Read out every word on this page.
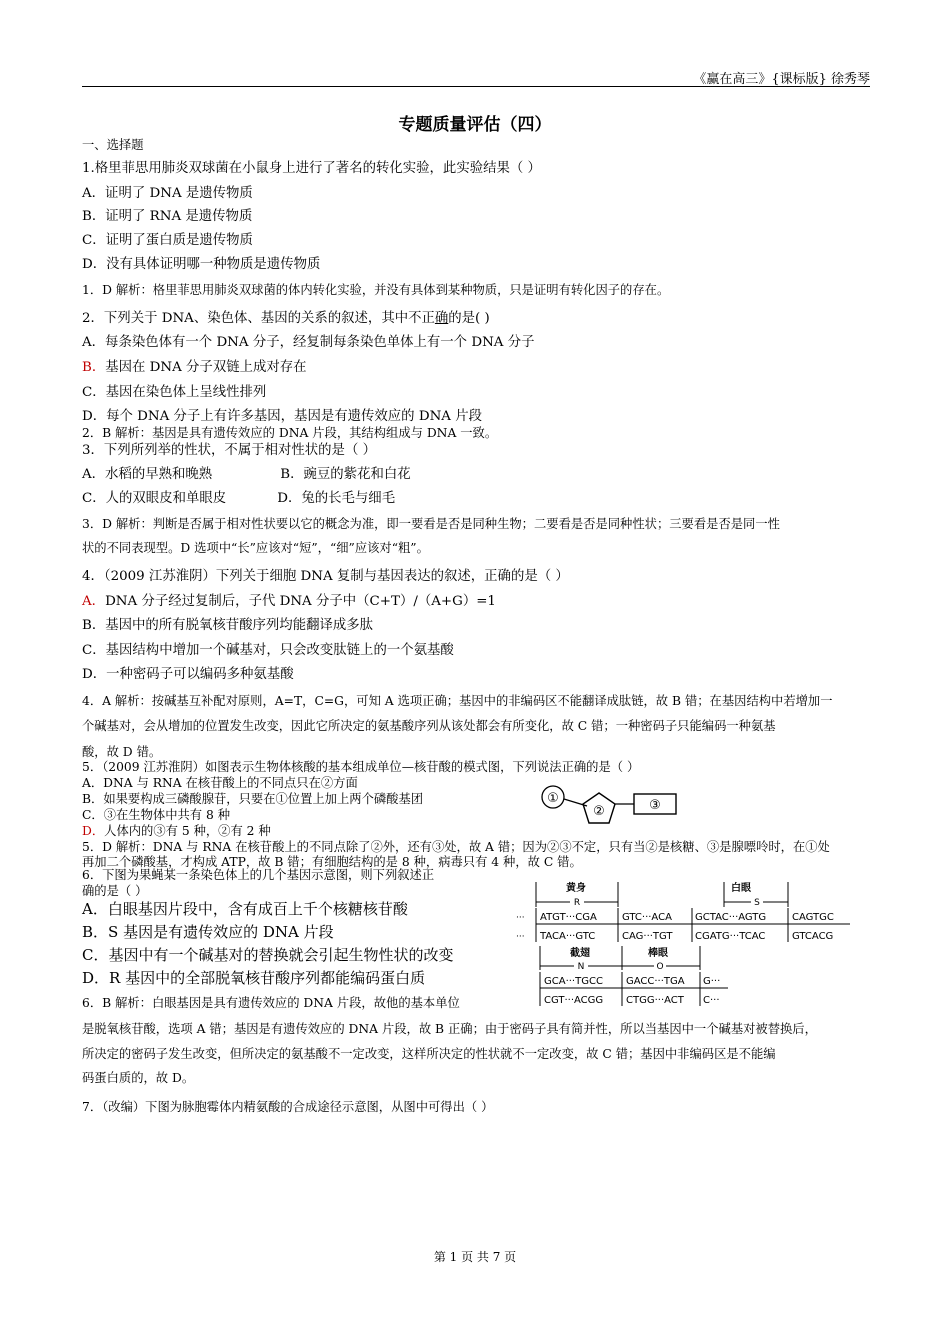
《赢在高三》{课标版} 徐秀琴
专题质量评估（四）
一、选择题
1.格里菲思用肺炎双球菌在小鼠身上进行了著名的转化实验，此实验结果（ ）
A．证明了 DNA 是遗传物质
B．证明了 RNA 是遗传物质
C．证明了蛋白质是遗传物质
D．没有具体证明哪一种物质是遗传物质
1．D 解析：格里菲思用肺炎双球菌的体内转化实验，并没有具体到某种物质，只是证明有转化因子的存在。
2．下列关于 DNA、染色体、基因的关系的叙述，其中不正确的是( )
A．每条染色体有一个 DNA 分子，经复制每条染色单体上有一个 DNA 分子
B．基因在 DNA 分子双链上成对存在
C．基因在染色体上呈线性排列
D．每个 DNA 分子上有许多基因，基因是有遗传效应的 DNA 片段
2．B 解析：基因是具有遗传效应的 DNA 片段，其结构组成与 DNA 一致。
3．下列所列举的性状，不属于相对性状的是（ ）
A．水稻的早熟和晚熟                B．豌豆的紫花和白花
C．人的双眼皮和单眼皮            D．兔的长毛与细毛
3．D 解析：判断是否属于相对性状要以它的概念为准，即一要看是否是同种生物；二要看是否是同种性状；三要看是否是同一性
状的不同表现型。D 选项中“长”应该对“短”，“细”应该对“粗”。
4．（2009 江苏淮阴）下列关于细胞 DNA 复制与基因表达的叙述，正确的是（ ）
A．DNA 分子经过复制后，子代 DNA 分子中（C+T）/（A+G）=1
B．基因中的所有脱氧核苷酸序列均能翻译成多肽
C．基因结构中增加一个碱基对，只会改变肽链上的一个氨基酸
D．一种密码子可以编码多种氨基酸
4．A 解析：按碱基互补配对原则，A=T，C=G，可知 A 选项正确；基因中的非编码区不能翻译成肽链，故 B 错；在基因结构中若增加一
个碱基对，会从增加的位置发生改变，因此它所决定的氨基酸序列从该处都会有所变化，故 C 错；一种密码子只能编码一种氨基
酸，故 D 错。
5．（2009 江苏淮阴）如图表示生物体核酸的基本组成单位—核苷酸的模式图，下列说法正确的是（ ）
A．DNA 与 RNA 在核苷酸上的不同点只在②方面
B．如果要构成三磷酸腺苷，只要在①位置上加上两个磷酸基团
C．③在生物体中共有 8 种
D．人体内的③有 5 种，②有 2 种
5．D 解析：DNA 与 RNA 在核苷酸上的不同点除了②外，还有③处，故 A 错；因为②③不定，只有当②是核糖、③是腺嘌呤时，在①处
再加二个磷酸基，才构成 ATP，故 B 错；有细胞结构的是 8 种，病毒只有 4 种，故 C 错。
①
②	③
6．下图为果蝇某一条染色体上的几个基因示意图，则下列叙述正
确的是（ ）
A．白眼基因片段中，含有成百上千个核糖核苷酸
B．S 基因是有遗传效应的 DNA 片段
C．基因中有一个碱基对的替换就会引起生物性状的改变
D．R 基因中的全部脱氧核苷酸序列都能编码蛋白质
6．B 解析：白眼基因是具有遗传效应的 DNA 片段，故他的基本单位
是脱氧核苷酸，选项 A 错；基因是有遗传效应的 DNA 片段，故 B 正确；由于密码子具有简并性，所以当基因中一个碱基对被替换后，
所决定的密码子发生改变，但所决定的氨基酸不一定改变，这样所决定的性状就不一定改变，故 C 错；基因中非编码区是不能编
码蛋白质的，故 D。
黄身	白眼
R	S
··· ATGT···CGA	GTC···ACA GCTAC···AGTG	CAGTGC
··· TACA···GTC	CAG···TGT CGATG···TCAC	GTCACG
截翅	棒眼
N	O
GCA···TGCC GACC···TGA G···
CGT···ACGG CTGG···ACT C···
7．（改编）下图为脉胞霉体内精氨酸的合成途径示意图，从图中可得出（ ）
第 1 页 共 7 页
